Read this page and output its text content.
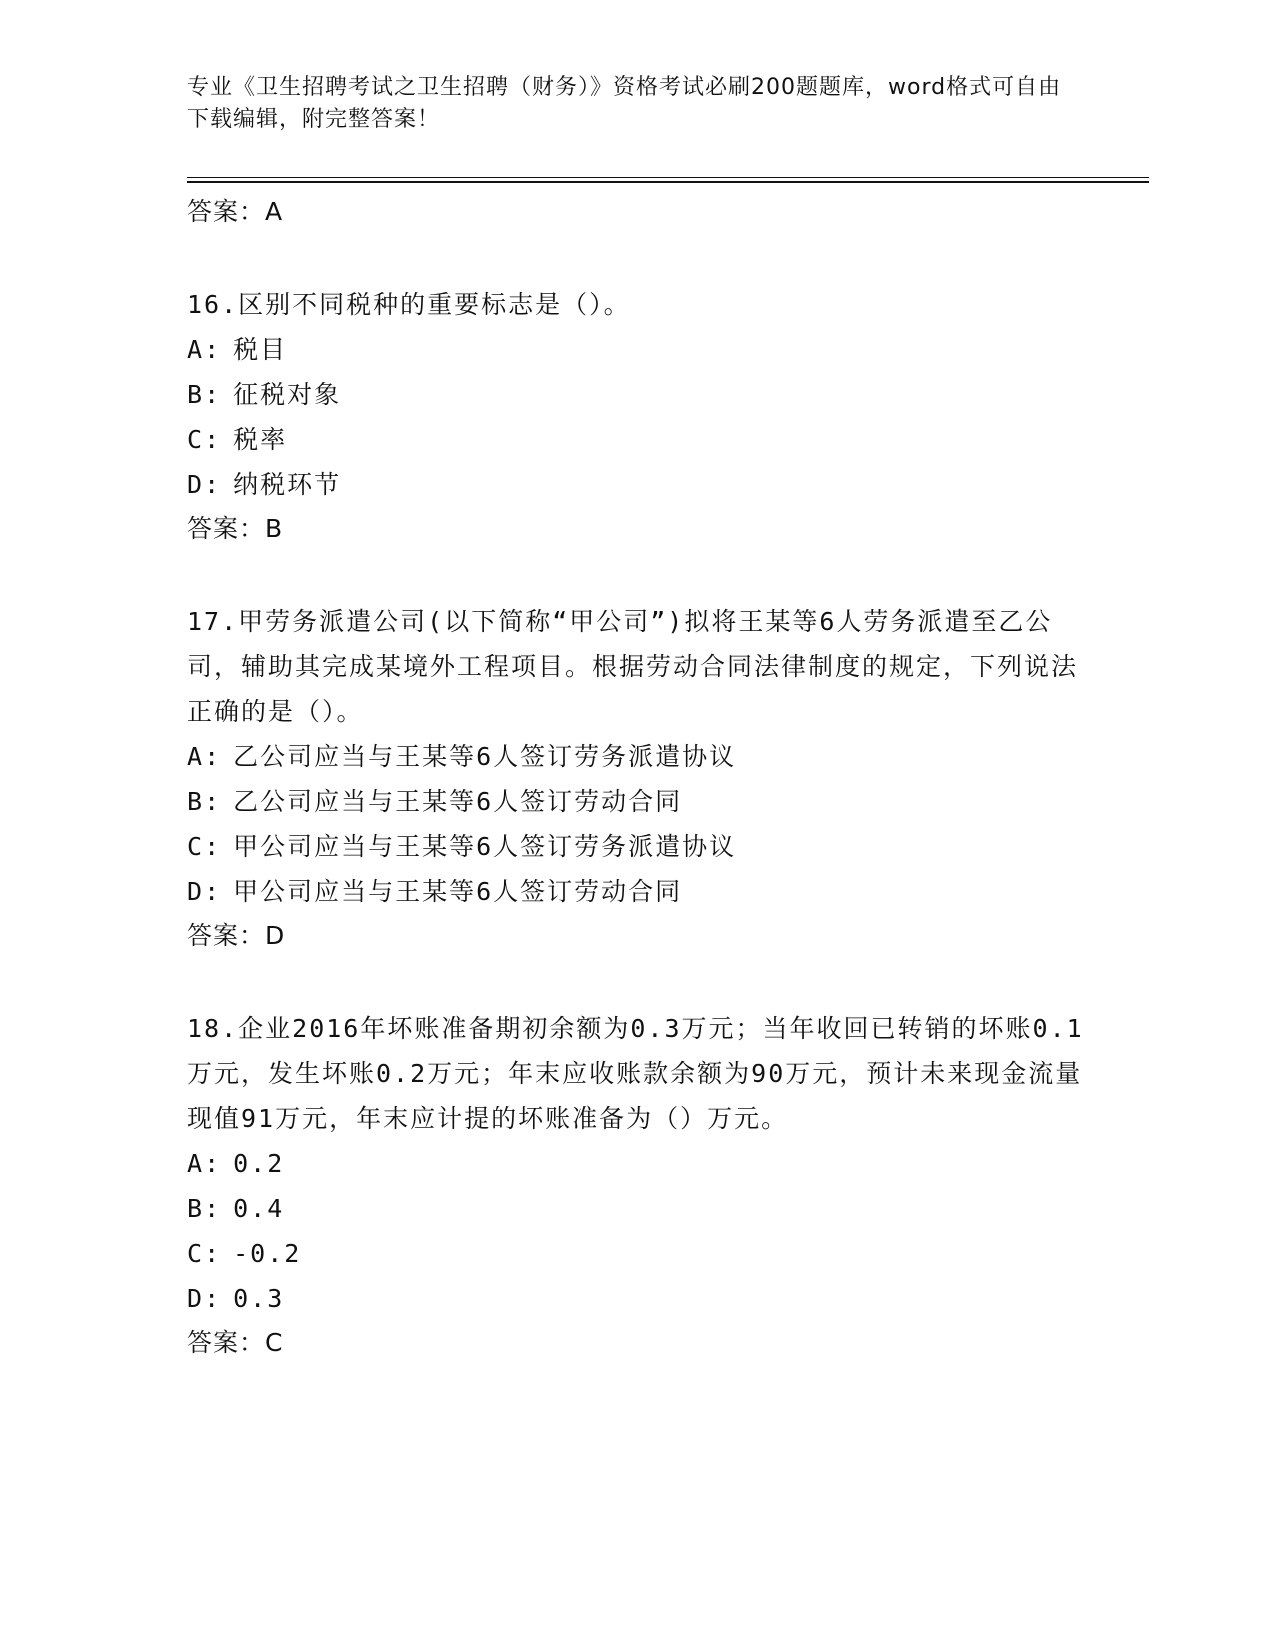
专业《卫生招聘考试之卫生招聘（财务）》资格考试必刷200题题库，word格式可自由下载编辑，附完整答案！
答案：A

16.区别不同税种的重要标志是（）。

A: 税目
B: 征税对象
C: 税率
D: 纳税环节
答案：B

17.甲劳务派遣公司(以下简称“甲公司”)拟将王某等6人劳务派遣至乙公司，辅助其完成某境外工程项目。根据劳动合同法律制度的规定，下列说法正确的是（）。

A: 乙公司应当与王某等6人签订劳务派遣协议
B: 乙公司应当与王某等6人签订劳动合同
C: 甲公司应当与王某等6人签订劳务派遣协议
D: 甲公司应当与王某等6人签订劳动合同
答案：D

18.企业2016年坏账准备期初余额为0.3万元；当年收回已转销的坏账0.1万元，发生坏账0.2万元；年末应收账款余额为90万元，预计未来现金流量现值91万元，年末应计提的坏账准备为（）万元。

A: 0.2
B: 0.4
C: -0.2
D: 0.3
答案：C
